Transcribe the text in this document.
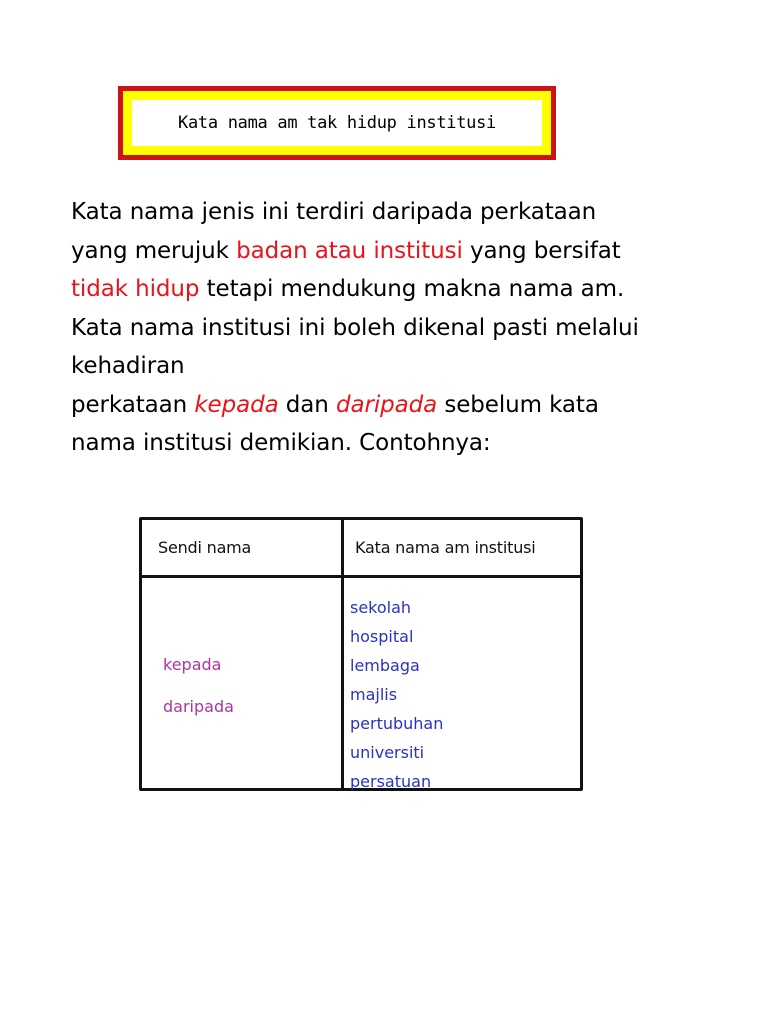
Kata nama am tak hidup institusi
Kata nama jenis ini terdiri daripada perkataan
yang merujuk badan atau institusi yang bersifat
tidak hidup tetapi mendukung makna nama am.
Kata nama institusi ini boleh dikenal pasti melalui
kehadiran
perkataan kepada dan daripada sebelum kata
nama institusi demikian. Contohnya:
Sendi nama	Kata nama am institusi
kepada
daripada
sekolah
hospital
lembaga
majlis
pertubuhan
universiti
persatuan
